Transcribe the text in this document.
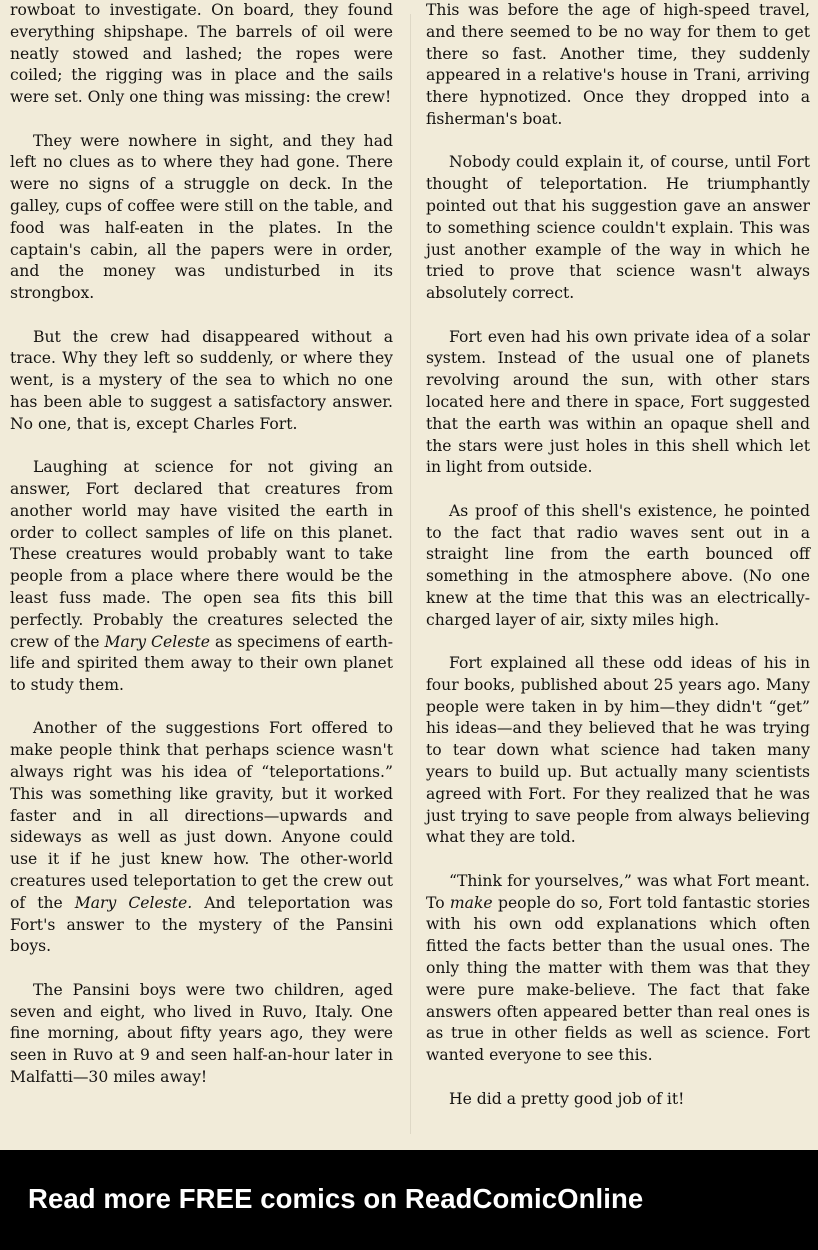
rowboat to investigate. On board, they found everything shipshape. The barrels of oil were neatly stowed and lashed; the ropes were coiled; the rigging was in place and the sails were set. Only one thing was missing: the crew!

They were nowhere in sight, and they had left no clues as to where they had gone. There were no signs of a struggle on deck. In the galley, cups of coffee were still on the table, and food was half-eaten in the plates. In the captain's cabin, all the papers were in order, and the money was undisturbed in its strongbox.

But the crew had disappeared without a trace. Why they left so suddenly, or where they went, is a mystery of the sea to which no one has been able to suggest a satisfactory answer. No one, that is, except Charles Fort.

Laughing at science for not giving an answer, Fort declared that creatures from another world may have visited the earth in order to collect samples of life on this planet. These creatures would probably want to take people from a place where there would be the least fuss made. The open sea fits this bill perfectly. Probably the creatures selected the crew of the Mary Celeste as specimens of earth-life and spirited them away to their own planet to study them.

Another of the suggestions Fort offered to make people think that perhaps science wasn't always right was his idea of “teleportations.” This was something like gravity, but it worked faster and in all directions—upwards and sideways as well as just down. Anyone could use it if he just knew how. The other-world creatures used teleportation to get the crew out of the Mary Celeste. And teleportation was Fort's answer to the mystery of the Pansini boys.

The Pansini boys were two children, aged seven and eight, who lived in Ruvo, Italy. One fine morning, about fifty years ago, they were seen in Ruvo at 9 and seen half-an-hour later in Malfatti—30 miles away!

This was before the age of high-speed travel, and there seemed to be no way for them to get there so fast. Another time, they suddenly appeared in a relative's house in Trani, arriving there hypnotized. Once they dropped into a fisherman's boat.

Nobody could explain it, of course, until Fort thought of teleportation. He triumphantly pointed out that his suggestion gave an answer to something science couldn't explain. This was just another example of the way in which he tried to prove that science wasn't always absolutely correct.

Fort even had his own private idea of a solar system. Instead of the usual one of planets revolving around the sun, with other stars located here and there in space, Fort suggested that the earth was within an opaque shell and the stars were just holes in this shell which let in light from outside.

As proof of this shell's existence, he pointed to the fact that radio waves sent out in a straight line from the earth bounced off something in the atmosphere above. (No one knew at the time that this was an electrically-charged layer of air, sixty miles high.

Fort explained all these odd ideas of his in four books, published about 25 years ago. Many people were taken in by him—they didn't “get” his ideas—and they believed that he was trying to tear down what science had taken many years to build up. But actually many scientists agreed with Fort. For they realized that he was just trying to save people from always believing what they are told.

“Think for yourselves,” was what Fort meant. To make people do so, Fort told fantastic stories with his own odd explanations which often fitted the facts better than the usual ones. The only thing the matter with them was that they were pure make-believe. The fact that fake answers often appeared better than real ones is as true in other fields as well as science. Fort wanted everyone to see this.

He did a pretty good job of it!

Read more FREE comics on ReadComicOnline
